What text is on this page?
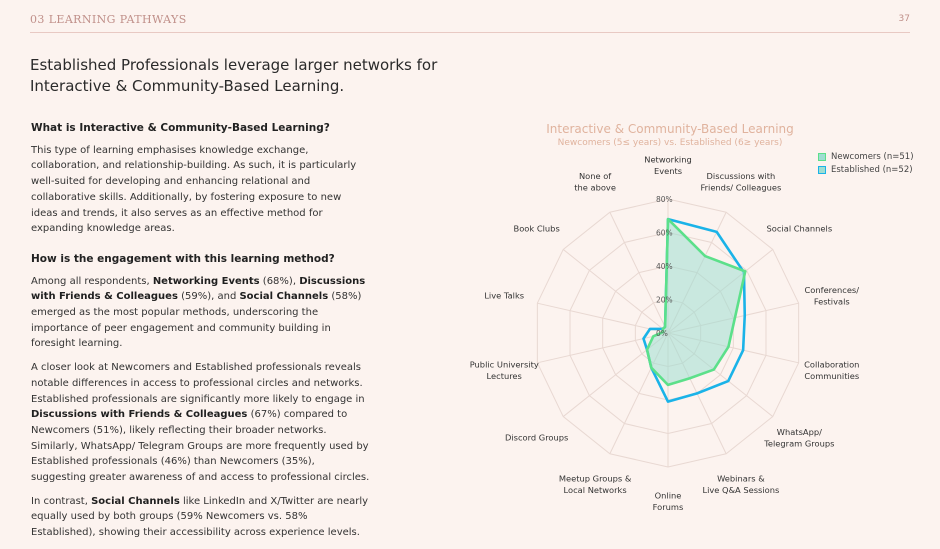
03 LEARNING PATHWAYS	37
Established Professionals leverage larger networks for Interactive & Community-Based Learning.
What is Interactive & Community-Based Learning?

This type of learning emphasises knowledge exchange, collaboration, and relationship-building. As such, it is particularly well-suited for developing and enhancing relational and collaborative skills. Additionally, by fostering exposure to new ideas and trends, it also serves as an effective method for expanding knowledge areas.

How is the engagement with this learning method?

Among all respondents, Networking Events (68%), Discussions with Friends & Colleagues (59%), and Social Channels (58%) emerged as the most popular methods, underscoring the importance of peer engagement and community building in foresight learning.

A closer look at Newcomers and Established professionals reveals notable differences in access to professional circles and networks. Established professionals are significantly more likely to engage in Discussions with Friends & Colleagues (67%) compared to Newcomers (51%), likely reflecting their broader networks. Similarly, WhatsApp/ Telegram Groups are more frequently used by Established professionals (46%) than Newcomers (35%), suggesting greater awareness of and access to professional circles.

In contrast, Social Channels like LinkedIn and X/Twitter are nearly equally used by both groups (59% Newcomers vs. 58% Established), showing their accessibility across experience levels.

Interactive & Community-Based Learning
Newcomers (5≤ years) vs. Established (6≥ years)
Newcomers (n=51)
Established (n=52)
0%
20%
40%
60%
80%
Networking
Events
Discussions with
Friends/ Colleagues
Social Channels
Conferences/
Festivals
Collaboration
Communities
WhatsApp/
Telegram Groups
Webinars &
Live Q&A Sessions
Online
Forums
Meetup Groups &
Local Networks
Discord Groups
Public University
Lectures
Live Talks
Book Clubs
None of
the above
